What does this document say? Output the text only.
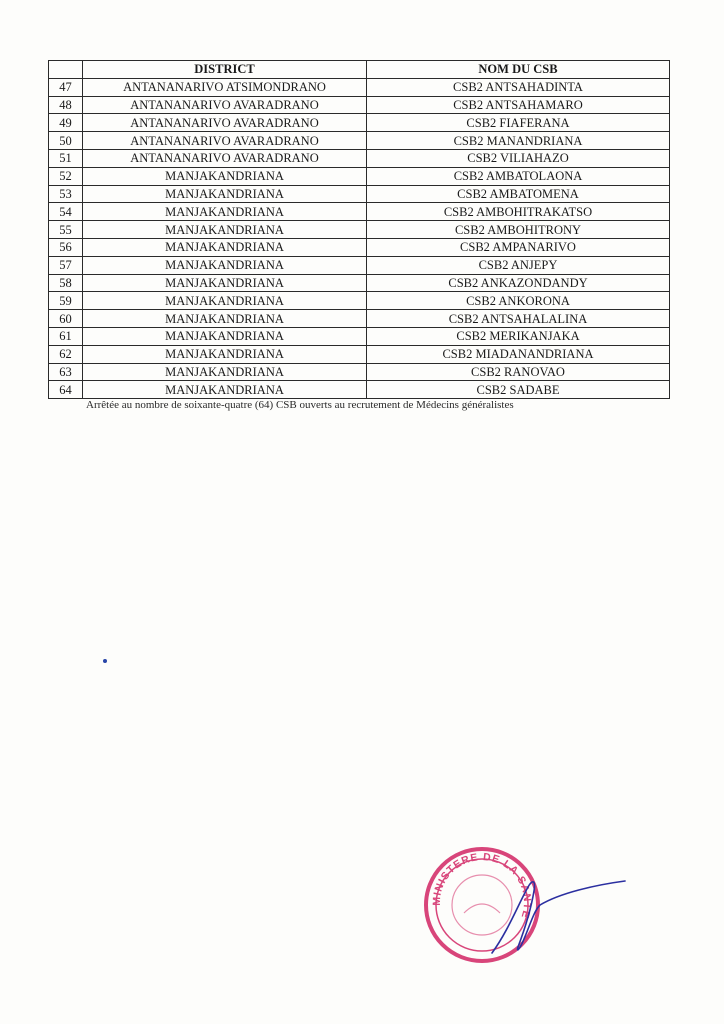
	DISTRICT	NOM DU CSB
47	ANTANANARIVO ATSIMONDRANO	CSB2 ANTSAHADINTA
48	ANTANANARIVO AVARADRANO	CSB2 ANTSAHAMARO
49	ANTANANARIVO AVARADRANO	CSB2 FIAFERANA
50	ANTANANARIVO AVARADRANO	CSB2 MANANDRIANA
51	ANTANANARIVO AVARADRANO	CSB2 VILIAHAZO
52	MANJAKANDRIANA	CSB2 AMBATOLAONA
53	MANJAKANDRIANA	CSB2 AMBATOMENA
54	MANJAKANDRIANA	CSB2 AMBOHITRAKATSO
55	MANJAKANDRIANA	CSB2 AMBOHITRONY
56	MANJAKANDRIANA	CSB2 AMPANARIVO
57	MANJAKANDRIANA	CSB2 ANJEPY
58	MANJAKANDRIANA	CSB2 ANKAZONDANDY
59	MANJAKANDRIANA	CSB2 ANKORONA
60	MANJAKANDRIANA	CSB2 ANTSAHALALINA
61	MANJAKANDRIANA	CSB2 MERIKANJAKA
62	MANJAKANDRIANA	CSB2 MIADANANDRIANA
63	MANJAKANDRIANA	CSB2 RANOVAO
64	MANJAKANDRIANA	CSB2 SADABE
Arrêtée au nombre de soixante-quatre (64) CSB ouverts au recrutement de Médecins généralistes
MINISTERE DE LA SANTE
